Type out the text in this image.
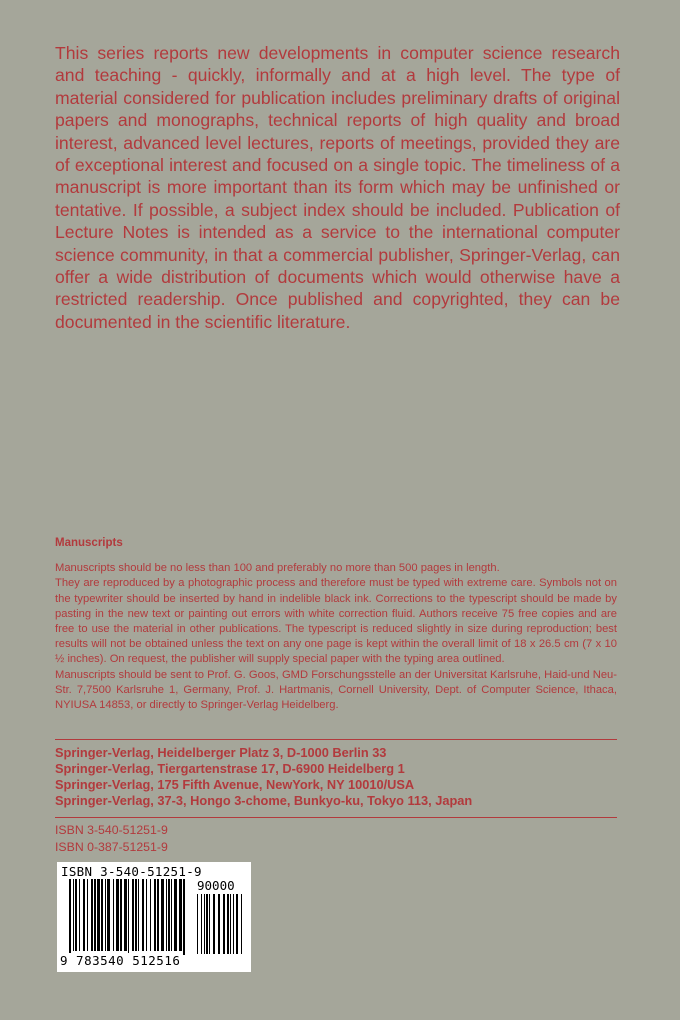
This series reports new developments in computer science research and teaching - quickly, informally and at a high level. The type of material considered for publication includes preliminary drafts of original papers and monographs, technical reports of high quality and broad interest, advanced level lectures, reports of meetings, provided they are of exceptional interest and focused on a single topic. The timeliness of a manuscript is more important than its form which may be unfinished or tentative. If possible, a subject index should be included. Publication of Lecture Notes is intended as a service to the international computer science community, in that a commercial publisher, Springer-Verlag, can offer a wide distribution of documents which would otherwise have a restricted readership. Once published and copyrighted, they can be documented in the scientific literature.

Manuscripts

Manuscripts should be no less than 100 and preferably no more than 500 pages in length.

They are reproduced by a photographic process and therefore must be typed with extreme care. Symbols not on the typewriter should be inserted by hand in indelible black ink. Corrections to the typescript should be made by pasting in the new text or painting out errors with white correction fluid. Authors receive 75 free copies and are free to use the material in other publications. The typescript is reduced slightly in size during reproduction; best results will not be obtained unless the text on any one page is kept within the overall limit of 18 x 26.5 cm (7 x 10 ½ inches). On request, the publisher will supply special paper with the typing area outlined.

Manuscripts should be sent to Prof. G. Goos, GMD Forschungsstelle an der Universitat Karlsruhe, Haid-und Neu-Str. 7,7500 Karlsruhe 1, Germany, Prof. J. Hartmanis, Cornell University, Dept. of Computer Science, Ithaca, NYIUSA 14853, or directly to Springer-Verlag Heidelberg.

Springer-Verlag, Heidelberger Platz 3, D-1000 Berlin 33
Springer-Verlag, Tiergartenstrase 17, D-6900 Heidelberg 1
Springer-Verlag, 175 Fifth Avenue, NewYork, NY 10010/USA
Springer-Verlag, 37-3, Hongo 3-chome, Bunkyo-ku, Tokyo 113, Japan
ISBN 3-540-51251-9
ISBN 0-387-51251-9
ISBN 3-540-51251-9
90000
9 783540 512516
